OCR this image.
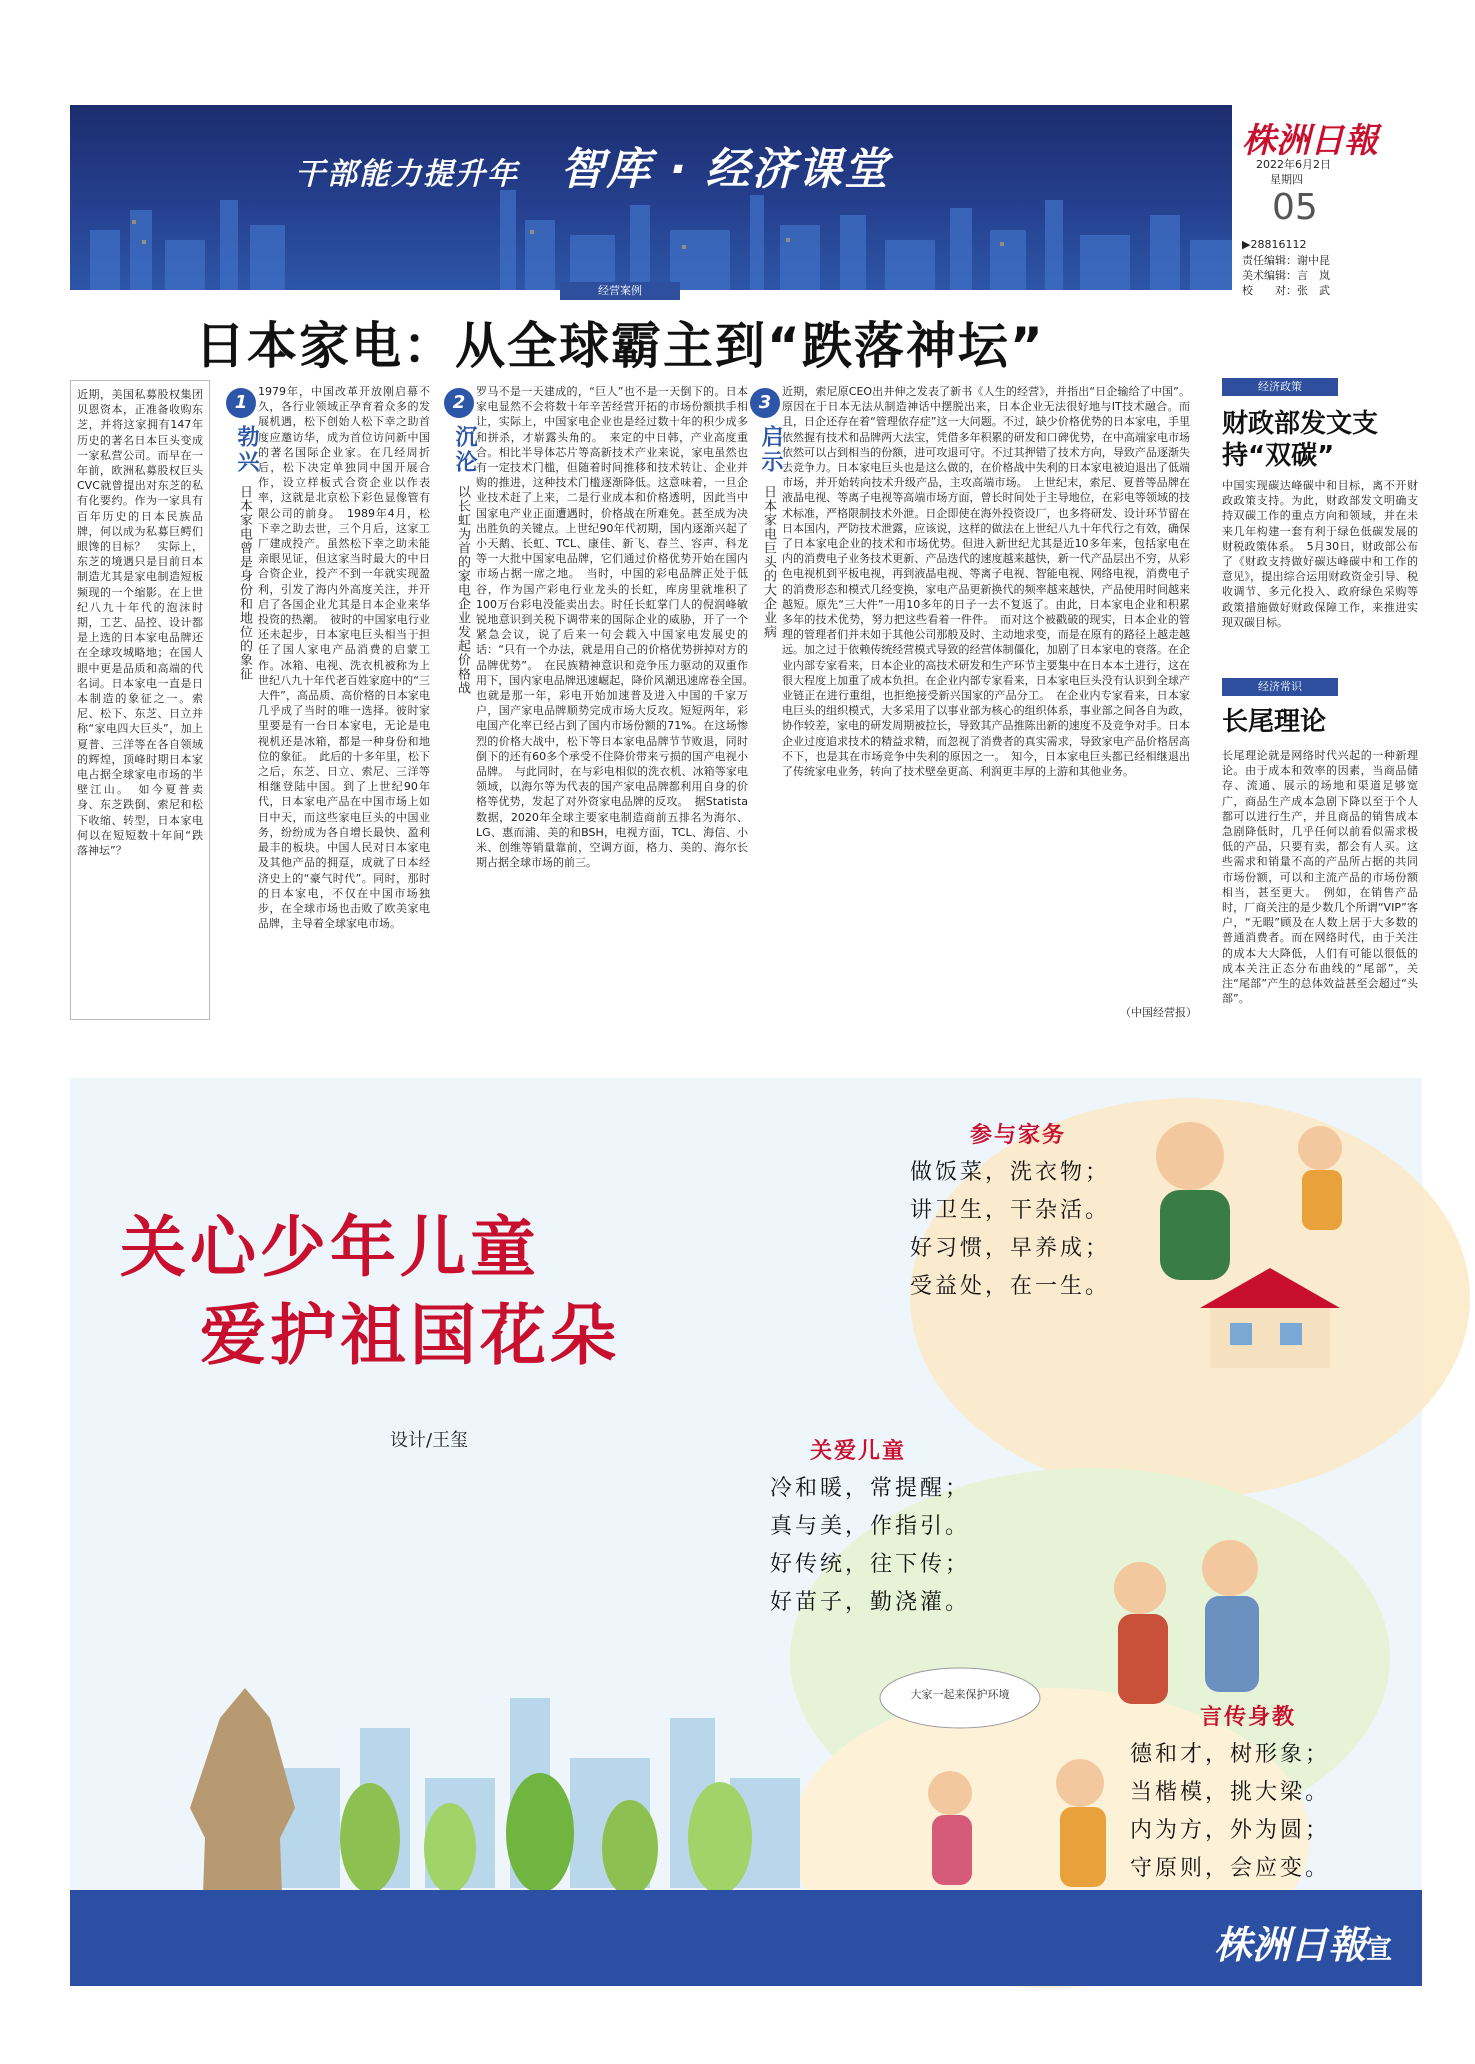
干部能力提升年 智库 · 经济课堂
株洲日報
2022年6月2日
星期四
05
▶28816112
责任编辑：谢中昆
美术编辑：言　岚
校　　对：张　武
经营案例
日本家电：从全球霸主到“跌落神坛”
近期，美国私募股权集团贝恩资本，正准备收购东芝，并将这家拥有147年历史的著名日本巨头变成一家私营公司。而早在一年前，欧洲私募股权巨头CVC就曾提出对东芝的私有化要约。作为一家具有百年历史的日本民族品牌，何以成为私募巨鳄们眼馋的目标？　实际上，东芝的境遇只是目前日本制造尤其是家电制造短板频现的一个缩影。在上世纪八九十年代的泡沫时期，工艺、品控、设计都是上选的日本家电品牌还在全球攻城略地；在国人眼中更是品质和高端的代名词。日本家电一直是日本制造的象征之一。索尼、松下、东芝、日立并称“家电四大巨头”，加上夏普、三洋等在各自领域的辉煌，顶峰时期日本家电占据全球家电市场的半壁江山。　如今夏普卖身、东芝跌倒、索尼和松下收缩、转型，日本家电何以在短短数十年间“跌落神坛”？
1
勃兴
日本家电曾是身份和地位的象征
1979年，中国改革开放刚启幕不久，各行业领域正孕育着众多的发展机遇，松下创始人松下幸之助首度应邀访华，成为首位访问新中国的著名国际企业家。在几经周折后，松下决定单独同中国开展合作，设立样板式合资企业以作表率，这就是北京松下彩色显像管有限公司的前身。　1989年4月，松下幸之助去世，三个月后，这家工厂建成投产。虽然松下幸之助未能亲眼见证，但这家当时最大的中日合资企业，投产不到一年就实现盈利，引发了海内外高度关注，并开启了各国企业尤其是日本企业来华投资的热潮。　彼时的中国家电行业还未起步，日本家电巨头相当于担任了国人家电产品消费的启蒙工作。冰箱、电视、洗衣机被称为上世纪八九十年代老百姓家庭中的“三大件”，高品质、高价格的日本家电几乎成了当时的唯一选择。彼时家里要是有一台日本家电，无论是电视机还是冰箱，都是一种身份和地位的象征。　此后的十多年里，松下之后，东芝、日立、索尼、三洋等相继登陆中国。到了上世纪90年代，日本家电产品在中国市场上如日中天，而这些家电巨头的中国业务，纷纷成为各自增长最快、盈利最丰的板块。中国人民对日本家电及其他产品的拥趸，成就了日本经济史上的“豪气时代”。同时，那时的日本家电，不仅在中国市场独步，在全球市场也击败了欧美家电品牌，主导着全球家电市场。
2
沉沦
以长虹为首的家电企业发起价格战
罗马不是一天建成的，“巨人”也不是一天倒下的。日本家电显然不会将数十年辛苦经营开拓的市场份额拱手相让，实际上，中国家电企业也是经过数十年的积少成多和拼杀，才崭露头角的。　来定的中日韩，产业高度重合。相比半导体芯片等高新技术产业来说，家电虽然也有一定技术门槛，但随着时间推移和技术转让、企业并购的推进，这种技术门槛逐渐降低。这意味着，一旦企业技术赶了上来，二是行业成本和价格透明，因此当中国家电产业正面遭遇时，价格战在所难免。甚至成为决出胜负的关键点。上世纪90年代初期，国内逐渐兴起了小天鹅、长虹、TCL、康佳、新飞、春兰、容声、科龙等一大批中国家电品牌，它们通过价格优势开始在国内市场占据一席之地。　当时，中国的彩电品牌正处于低谷，作为国产彩电行业龙头的长虹，库房里就堆积了100万台彩电没能卖出去。时任长虹掌门人的倪润峰敏锐地意识到关税下调带来的国际企业的威胁，开了一个紧急会议，说了后来一句会载入中国家电发展史的话：“只有一个办法，就是用自己的价格优势拼掉对方的品牌优势”。　在民族精神意识和竞争压力驱动的双重作用下，国内家电品牌迅速崛起，降价风潮迅速席卷全国。　也就是那一年，彩电开始加速普及进入中国的千家万户，国产家电品牌顺势完成市场大反攻。短短两年，彩电国产化率已经占到了国内市场份额的71%。在这场惨烈的价格大战中，松下等日本家电品牌节节败退，同时倒下的还有60多个承受不住降价带来亏损的国产电视小品牌。　与此同时，在与彩电相似的洗衣机、冰箱等家电领域，以海尔等为代表的国产家电品牌都利用自身的价格等优势，发起了对外资家电品牌的反攻。　据Statista数据，2020年全球主要家电制造商前五排名为海尔、LG、惠而浦、美的和BSH，电视方面，TCL、海信、小米、创维等销量靠前，空调方面，格力、美的、海尔长期占据全球市场的前三。
3
启示
日本家电巨头的大企业病
近期，索尼原CEO出井伸之发表了新书《人生的经营》，并指出“日企输给了中国”。原因在于日本无法从制造神话中摆脱出来，日本企业无法很好地与IT技术融合。而且，日企还存在着“管理依存症”这一大问题。不过，缺少价格优势的日本家电，手里依然握有技术和品牌两大法宝，凭借多年积累的研发和口碑优势，在中高端家电市场依然可以占到相当的份额，进可攻退可守。不过其押错了技术方向，导致产品逐渐失去竞争力。日本家电巨头也是这么做的，在价格战中失利的日本家电被迫退出了低端市场，并开始转向技术升级产品，主攻高端市场。　上世纪末，索尼、夏普等品牌在液晶电视、等离子电视等高端市场方面，曾长时间处于主导地位，在彩电等领域的技术标准，严格限制技术外泄。日企即使在海外投资设厂，也多将研发、设计环节留在日本国内，严防技术泄露，应该说，这样的做法在上世纪八九十年代行之有效，确保了日本家电企业的技术和市场优势。但进入新世纪尤其是近10多年来，包括家电在内的消费电子业务技术更新、产品迭代的速度越来越快，新一代产品层出不穷，从彩色电视机到平板电视，再到液晶电视、等离子电视、智能电视、网络电视，消费电子的消费形态和模式几经变换，家电产品更新换代的频率越来越快，产品使用时间越来越短。原先“三大件”一用10多年的日子一去不复返了。由此，日本家电企业和积累多年的技术优势，努力把这些看着一件件。　而对这个被戳破的现实，日本企业的管理的管理者们并未如于其他公司那般及时、主动地求变，而是在原有的路径上越走越远。加之过于依赖传统经营模式导致的经营体制僵化，加剧了日本家电的衰落。在企业内部专家看来，日本企业的高技术研发和生产环节主要集中在日本本土进行，这在很大程度上加重了成本负担。在企业内部专家看来，日本家电巨头没有认识到全球产业链正在进行重组，也拒绝接受新兴国家的产品分工。　在企业内专家看来，日本家电巨头的组织模式，大多采用了以事业部为核心的组织体系，事业部之间各自为政，协作较差，家电的研发周期被拉长，导致其产品推陈出新的速度不及竞争对手。日本企业过度追求技术的精益求精，而忽视了消费者的真实需求，导致家电产品价格居高不下，也是其在市场竞争中失利的原因之一。　知今，日本家电巨头都已经相继退出了传统家电业务，转向了技术壁垒更高、利润更丰厚的上游和其他业务。
（中国经营报）
经济政策
财政部发文支持“双碳”
中国实现碳达峰碳中和目标，离不开财政政策支持。为此，财政部发文明确支持双碳工作的重点方向和领域，并在未来几年构建一套有利于绿色低碳发展的财税政策体系。　5月30日，财政部公布了《财政支持做好碳达峰碳中和工作的意见》，提出综合运用财政资金引导、税收调节、多元化投入、政府绿色采购等政策措施做好财政保障工作，来推进实现双碳目标。
经济常识
长尾理论
长尾理论就是网络时代兴起的一种新理论。由于成本和效率的因素，当商品储存、流通、展示的场地和渠道足够宽广，商品生产成本急剧下降以至于个人都可以进行生产，并且商品的销售成本急剧降低时，几乎任何以前看似需求极低的产品，只要有卖，都会有人买。这些需求和销量不高的产品所占据的共同市场份额，可以和主流产品的市场份额相当，甚至更大。　例如，在销售产品时，厂商关注的是少数几个所谓“VIP”客户，“无暇”顾及在人数上居于大多数的普通消费者。而在网络时代，由于关注的成本大大降低，人们有可能以很低的成本关注正态分布曲线的“尾部”，关注“尾部”产生的总体效益甚至会超过“头部”。
关心少年儿童
爱护祖国花朵
设计/王玺
参与家务
做饭菜，洗衣物；
讲卫生，干杂活。
好习惯，早养成；
受益处，在一生。
关爱儿童
冷和暖，常提醒；
真与美，作指引。
好传统，往下传；
好苗子，勤浇灌。
大家一起来保护环境
言传身教
德和才，树形象；
当楷模，挑大梁。
内为方，外为圆；
守原则，会应变。
株洲日報宣
